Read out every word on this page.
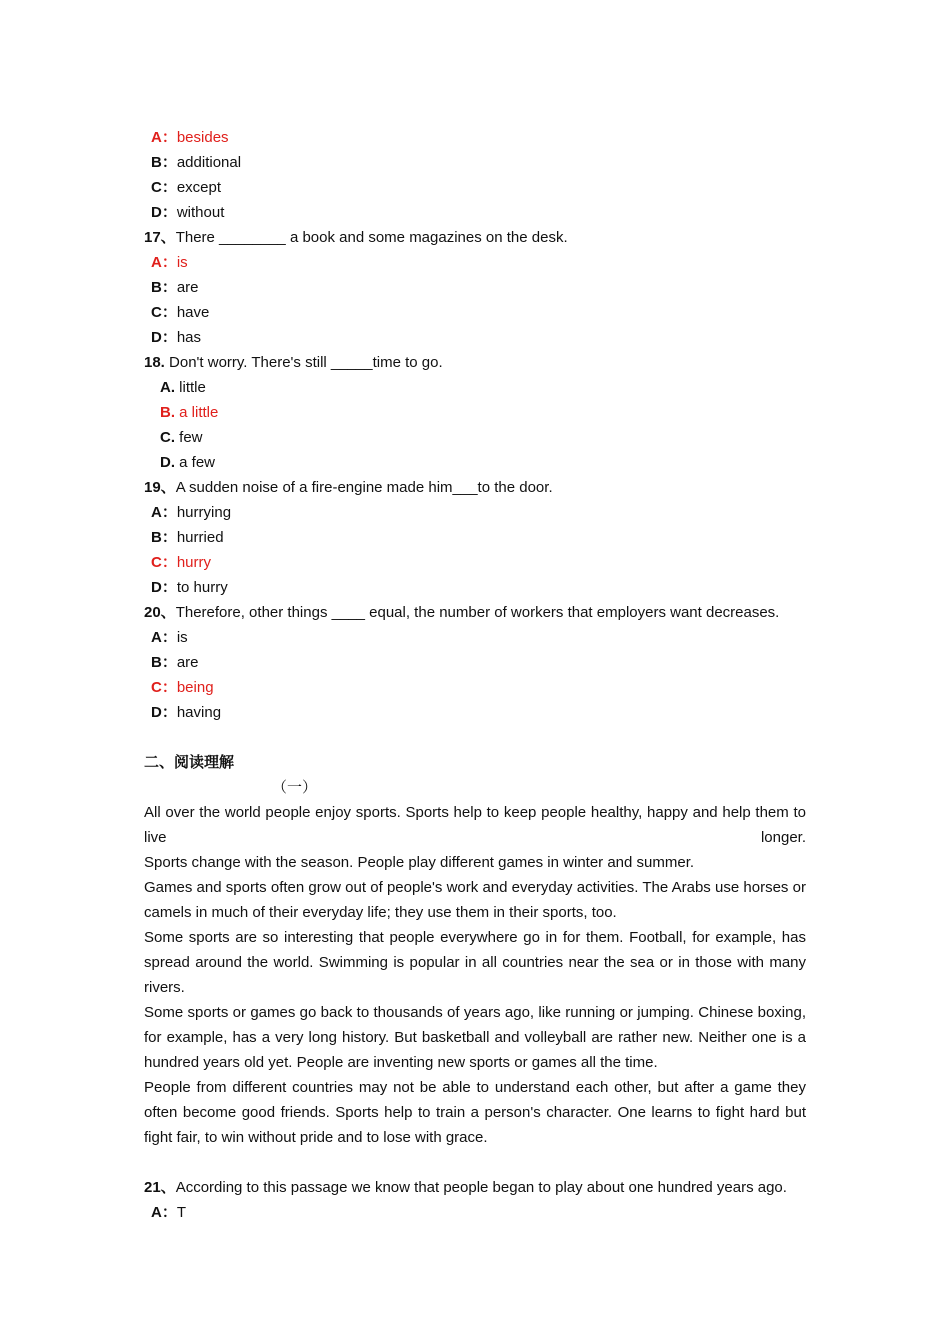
A：besides
B：additional
C：except
D：without
17、There ________ a book and some magazines on the desk.
A：is
B：are
C：have
D：has
18. Don't worry. There's still _____time to go.
A. little
B. a little
C. few
D. a few
19、A sudden noise of a fire-engine made him___to the door.
A：hurrying
B：hurried
C：hurry
D：to hurry
20、Therefore, other things ____ equal, the number of workers that employers want decreases.
A：is
B：are
C：being
D：having
二、阅读理解
（一）
All over the world people enjoy sports. Sports help to keep people healthy, happy and help them to live longer.
Sports change with the season. People play different games in winter and summer.
Games and sports often grow out of people's work and everyday activities. The Arabs use horses or camels in much of their everyday life; they use them in their sports, too.
Some sports are so interesting that people everywhere go in for them. Football, for example, has spread around the world. Swimming is popular in all countries near the sea or in those with many rivers.
Some sports or games go back to thousands of years ago, like running or jumping. Chinese boxing, for example, has a very long history. But basketball and volleyball are rather new. Neither one is a hundred years old yet. People are inventing new sports or games all the time.
People from different countries may not be able to understand each other, but after a game they often become good friends. Sports help to train a person's character. One learns to fight hard but fight fair, to win without pride and to lose with grace.
21、According to this passage we know that people began to play about one hundred years ago.
A：T
